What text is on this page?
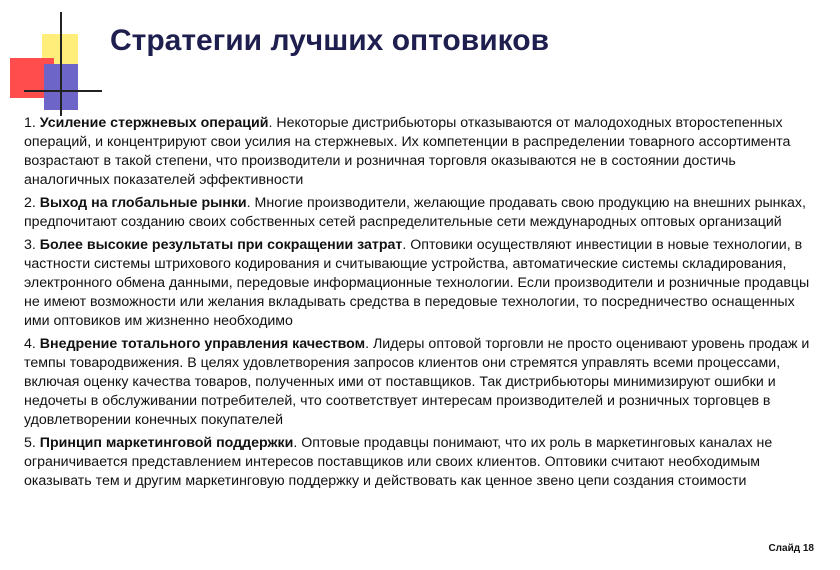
Стратегии лучших оптовиков

1. Усиление стержневых операций. Некоторые дистрибьюторы отказываются от малодоходных второстепенных операций, и концентрируют свои усилия на стержневых. Их компетенции в распределении товарного ассортимента возрастают в такой степени, что производители и розничная торговля оказываются не в состоянии достичь аналогичных показателей эффективности

2. Выход на глобальные рынки. Многие производители, желающие продавать свою продукцию на внешних рынках, предпочитают созданию своих собственных сетей распределительные сети международных оптовых организаций

3. Более высокие результаты при сокращении затрат. Оптовики осуществляют инвестиции в новые технологии, в частности системы штрихового кодирования и считывающие устройства, автоматические системы складирования, электронного обмена данными, передовые информационные технологии. Если производители и розничные продавцы не имеют возможности или желания вкладывать средства в передовые технологии, то посредничество оснащенных ими оптовиков им жизненно необходимо

4. Внедрение тотального управления качеством. Лидеры оптовой торговли не просто оценивают уровень продаж и темпы товародвижения. В целях удовлетворения запросов клиентов они стремятся управлять всеми процессами, включая оценку качества товаров, полученных ими от поставщиков. Так дистрибьюторы минимизируют ошибки и недочеты в обслуживании потребителей, что соответствует интересам производителей и розничных торговцев в удовлетворении конечных покупателей

5. Принцип маркетинговой поддержки. Оптовые продавцы понимают, что их роль в маркетинговых каналах не ограничивается представлением интересов поставщиков или своих клиентов. Оптовики считают необходимым оказывать тем и другим маркетинговую поддержку и действовать как ценное звено цепи создания стоимости

Слайд 18
